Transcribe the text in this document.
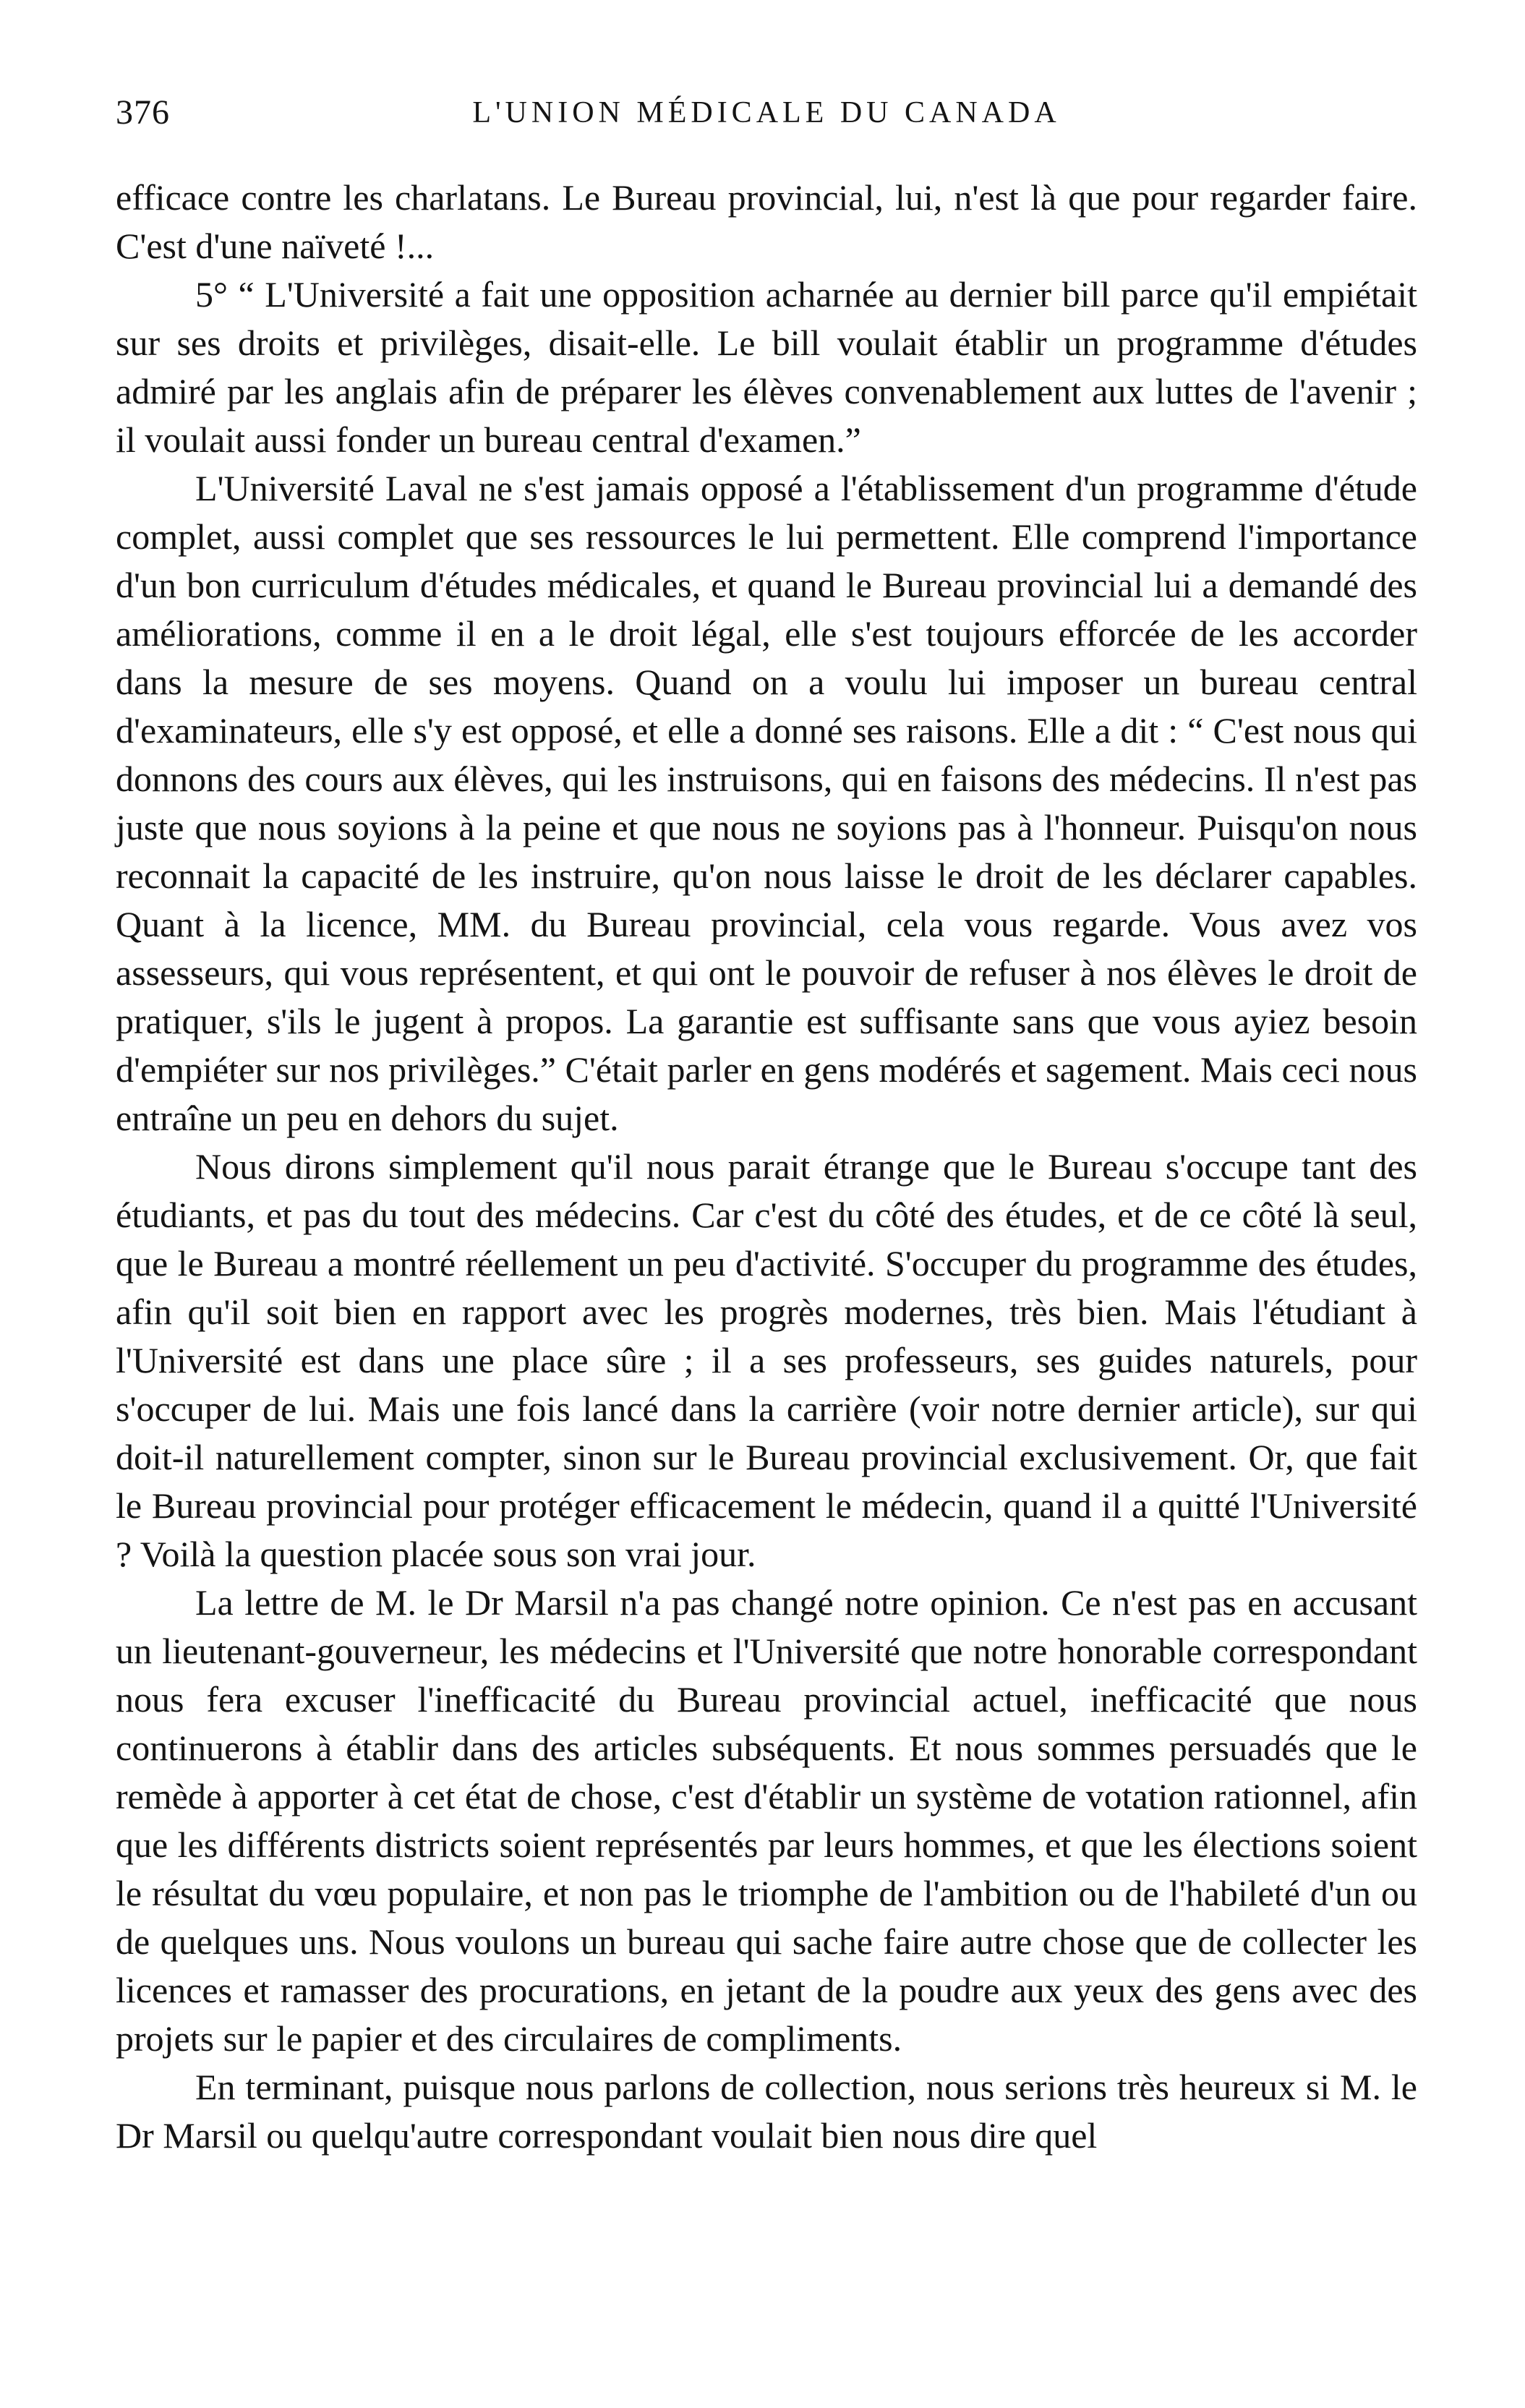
376	L'UNION MÉDICALE DU CANADA

efficace contre les charlatans. Le Bureau provincial, lui, n'est là que pour regarder faire. C'est d'une naïveté !...

5° “ L'Université a fait une opposition acharnée au dernier bill parce qu'il empiétait sur ses droits et privilèges, disait-elle. Le bill voulait établir un programme d'études admiré par les anglais afin de préparer les élèves convenablement aux luttes de l'avenir ; il voulait aussi fonder un bureau central d'examen.”

L'Université Laval ne s'est jamais opposé a l'établissement d'un programme d'étude complet, aussi complet que ses ressources le lui permettent. Elle comprend l'importance d'un bon curriculum d'études médicales, et quand le Bureau provincial lui a demandé des améliorations, comme il en a le droit légal, elle s'est toujours efforcée de les accorder dans la mesure de ses moyens. Quand on a voulu lui imposer un bureau central d'examinateurs, elle s'y est opposé, et elle a donné ses raisons. Elle a dit : “ C'est nous qui donnons des cours aux élèves, qui les instruisons, qui en faisons des médecins. Il n'est pas juste que nous soyions à la peine et que nous ne soyions pas à l'honneur. Puisqu'on nous reconnait la capacité de les instruire, qu'on nous laisse le droit de les déclarer capables. Quant à la licence, MM. du Bureau provincial, cela vous regarde. Vous avez vos assesseurs, qui vous représentent, et qui ont le pouvoir de refuser à nos élèves le droit de pratiquer, s'ils le jugent à propos. La garantie est suffisante sans que vous ayiez besoin d'empiéter sur nos privilèges.” C'était parler en gens modérés et sagement. Mais ceci nous entraîne un peu en dehors du sujet.

Nous dirons simplement qu'il nous parait étrange que le Bureau s'occupe tant des étudiants, et pas du tout des médecins. Car c'est du côté des études, et de ce côté là seul, que le Bureau a montré réellement un peu d'activité. S'occuper du programme des études, afin qu'il soit bien en rapport avec les progrès modernes, très bien. Mais l'étudiant à l'Université est dans une place sûre ; il a ses professeurs, ses guides naturels, pour s'occuper de lui. Mais une fois lancé dans la carrière (voir notre dernier article), sur qui doit-il naturellement compter, sinon sur le Bureau provincial exclusivement. Or, que fait le Bureau provincial pour protéger efficacement le médecin, quand il a quitté l'Université ? Voilà la question placée sous son vrai jour.

La lettre de M. le Dr Marsil n'a pas changé notre opinion. Ce n'est pas en accusant un lieutenant-gouverneur, les médecins et l'Université que notre honorable correspondant nous fera excuser l'inefficacité du Bureau provincial actuel, inefficacité que nous continuerons à établir dans des articles subséquents. Et nous sommes persuadés que le remède à apporter à cet état de chose, c'est d'établir un système de votation rationnel, afin que les différents districts soient représentés par leurs hommes, et que les élections soient le résultat du vœu populaire, et non pas le triomphe de l'ambition ou de l'habileté d'un ou de quelques uns. Nous voulons un bureau qui sache faire autre chose que de collecter les licences et ramasser des procurations, en jetant de la poudre aux yeux des gens avec des projets sur le papier et des circulaires de compliments.

En terminant, puisque nous parlons de collection, nous serions très heureux si M. le Dr Marsil ou quelqu'autre correspondant voulait bien nous dire quel
